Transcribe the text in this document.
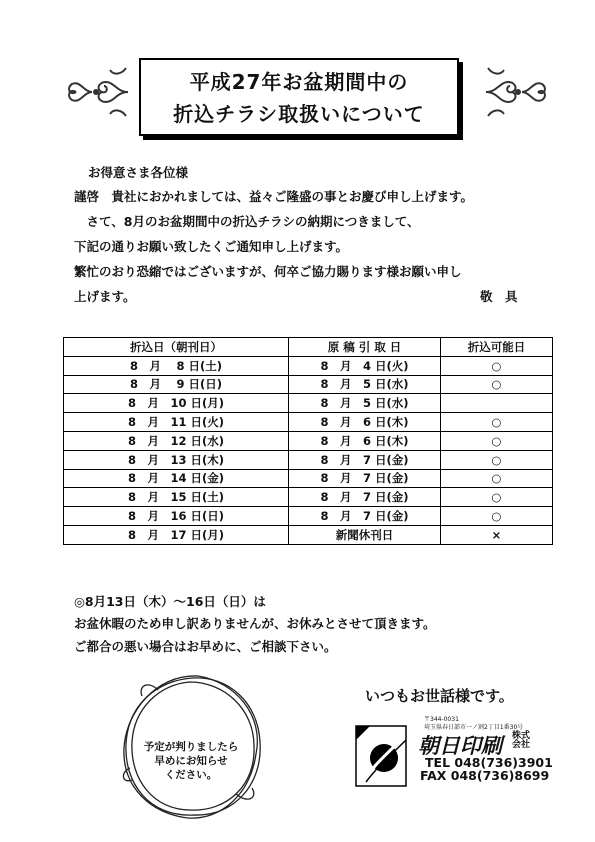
平成27年お盆期間中の
折込チラシ取扱いについて
お得意さま各位様
謹啓　貴社におかれましては、益々ご隆盛の事とお慶び申し上げます。
　さて、8月のお盆期間中の折込チラシの納期につきまして、
下記の通りお願い致したくご通知申し上げます。
繁忙のおり恐縮ではございますが、何卒ご協力賜ります様お願い申し
上げます。	敬　具
折込日（朝刊日）	原 稿 引 取 日	折込可能日
8　月　 8 日(土)	8　月　4 日(火)	○
8　月　 9 日(日)	8　月　5 日(水)	○
8　月　10 日(月)	8　月　5 日(水)	
8　月　11 日(火)	8　月　6 日(木)	○
8　月　12 日(水)	8　月　6 日(木)	○
8　月　13 日(木)	8　月　7 日(金)	○
8　月　14 日(金)	8　月　7 日(金)	○
8　月　15 日(土)	8　月　7 日(金)	○
8　月　16 日(日)	8　月　7 日(金)	○
8　月　17 日(月)	新聞休刊日	×
◎8月13日（木）～16日（日）は
お盆休暇のため申し訳ありませんが、お休みとさせて頂きます。
ご都合の悪い場合はお早めに、ご相談下さい。
予定が判りましたら
早めにお知らせ
ください。
いつもお世話様です。
〒344-0031
埼玉県春日部市一ノ割2丁目1番30号
朝日印刷 株式
会社
TEL 048(736)3901
FAX 048(736)8699
